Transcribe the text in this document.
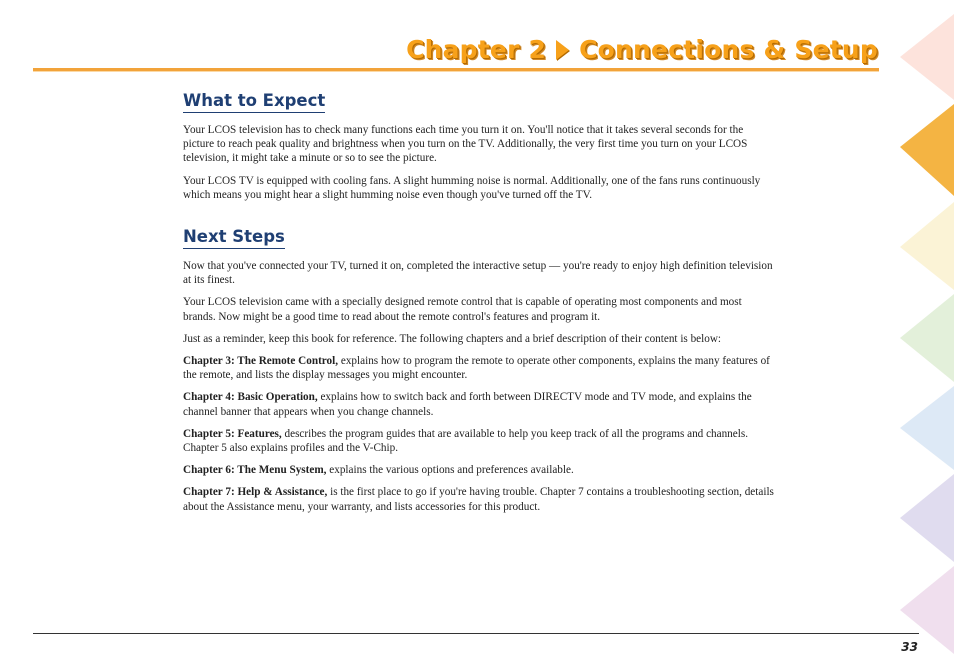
Chapter 2 Connections & Setup
What to Expect

Your LCOS television has to check many functions each time you turn it on. You'll notice that it takes several seconds for the picture to reach peak quality and brightness when you turn on the TV. Additionally, the very first time you turn on your LCOS television, it might take a minute or so to see the picture.

Your LCOS TV is equipped with cooling fans. A slight humming noise is normal. Additionally, one of the fans runs continuously which means you might hear a slight humming noise even though you've turned off the TV.

Next Steps

Now that you've connected your TV, turned it on, completed the interactive setup — you're ready to enjoy high definition television at its finest.

Your LCOS television came with a specially designed remote control that is capable of operating most components and most brands. Now might be a good time to read about the remote control's features and program it.

Just as a reminder, keep this book for reference. The following chapters and a brief description of their content is below:

Chapter 3: The Remote Control, explains how to program the remote to operate other components, explains the many features of the remote, and lists the display messages you might encounter.

Chapter 4: Basic Operation, explains how to switch back and forth between DIRECTV mode and TV mode, and explains the channel banner that appears when you change channels.

Chapter 5: Features, describes the program guides that are available to help you keep track of all the programs and channels. Chapter 5 also explains profiles and the V-Chip.

Chapter 6: The Menu System, explains the various options and preferences available.

Chapter 7: Help & Assistance, is the first place to go if you're having trouble. Chapter 7 contains a troubleshooting section, details about the Assistance menu, your warranty, and lists accessories for this product.

33
